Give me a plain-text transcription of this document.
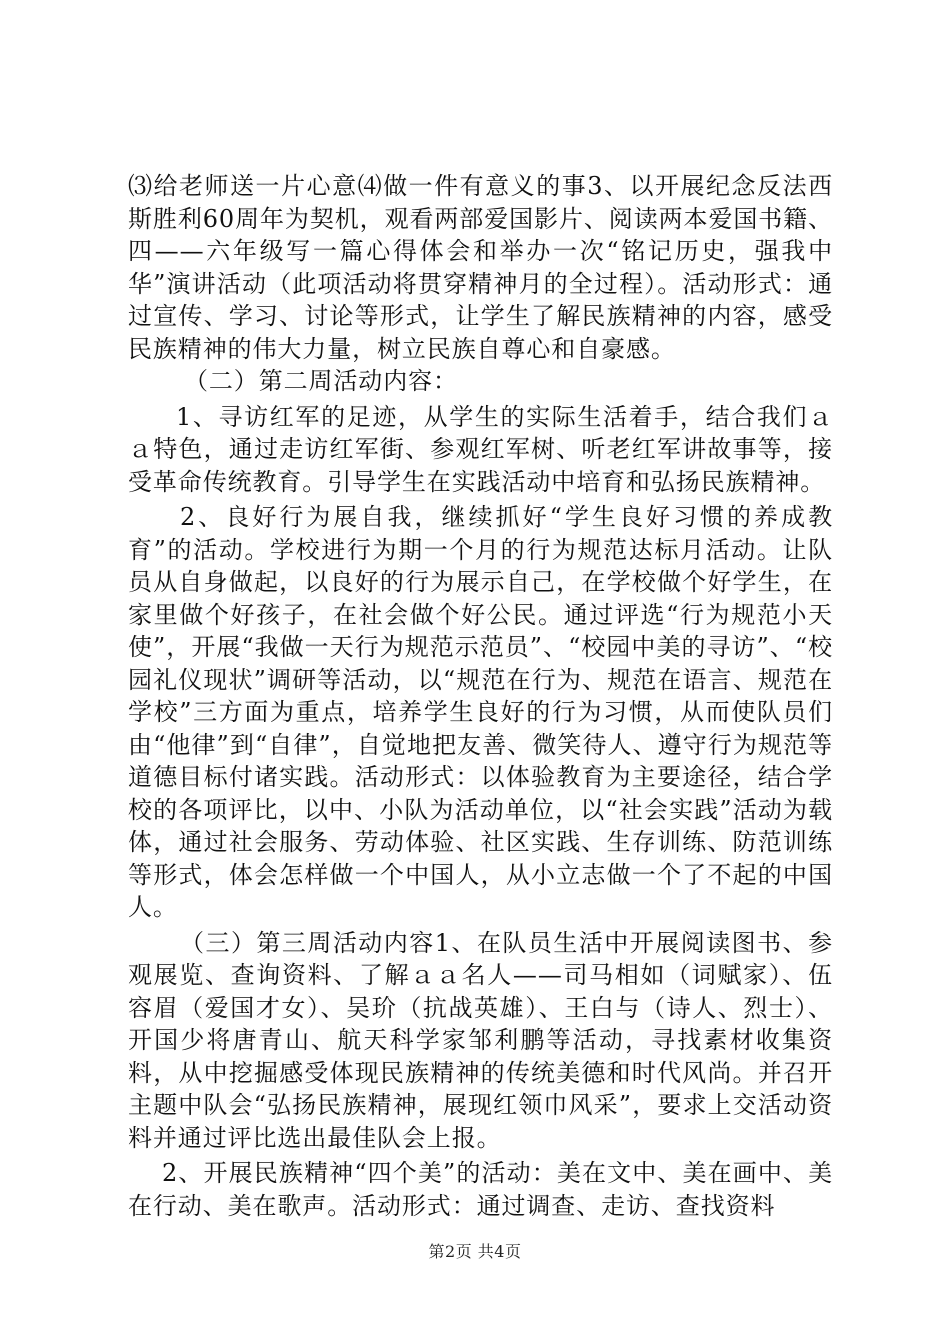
⑶给老师送一片心意⑷做一件有意义的事3、以开展纪念反法西斯胜利60周年为契机，观看两部爱国影片、阅读两本爱国书籍、四——六年级写一篇心得体会和举办一次“铭记历史，强我中华”演讲活动（此项活动将贯穿精神月的全过程）。活动形式：通过宣传、学习、讨论等形式，让学生了解民族精神的内容，感受民族精神的伟大力量，树立民族自尊心和自豪感。

（二）第二周活动内容：

1、寻访红军的足迹，从学生的实际生活着手，结合我们ａａ特色，通过走访红军街、参观红军树、听老红军讲故事等，接受革命传统教育。引导学生在实践活动中培育和弘扬民族精神。

2、良好行为展自我，继续抓好“学生良好习惯的养成教育”的活动。学校进行为期一个月的行为规范达标月活动。让队员从自身做起，以良好的行为展示自己，在学校做个好学生，在家里做个好孩子，在社会做个好公民。通过评选“行为规范小天使”，开展“我做一天行为规范示范员”、“校园中美的寻访”、“校园礼仪现状”调研等活动，以“规范在行为、规范在语言、规范在学校”三方面为重点，培养学生良好的行为习惯，从而使队员们由“他律”到“自律”，自觉地把友善、微笑待人、遵守行为规范等道德目标付诸实践。活动形式：以体验教育为主要途径，结合学校的各项评比，以中、小队为活动单位，以“社会实践”活动为载体，通过社会服务、劳动体验、社区实践、生存训练、防范训练等形式，体会怎样做一个中国人，从小立志做一个了不起的中国人。

（三）第三周活动内容1、在队员生活中开展阅读图书、参观展览、查询资料、了解ａａ名人——司马相如（词赋家）、伍容眉（爱国才女）、吴玠（抗战英雄）、王白与（诗人、烈士）、开国少将唐青山、航天科学家邹利鹏等活动，寻找素材收集资料，从中挖掘感受体现民族精神的传统美德和时代风尚。并召开主题中队会“弘扬民族精神，展现红领巾风采”，要求上交活动资料并通过评比选出最佳队会上报。

2、开展民族精神“四个美”的活动：美在文中、美在画中、美在行动、美在歌声。活动形式：通过调查、走访、查找资料

第2页 共4页
